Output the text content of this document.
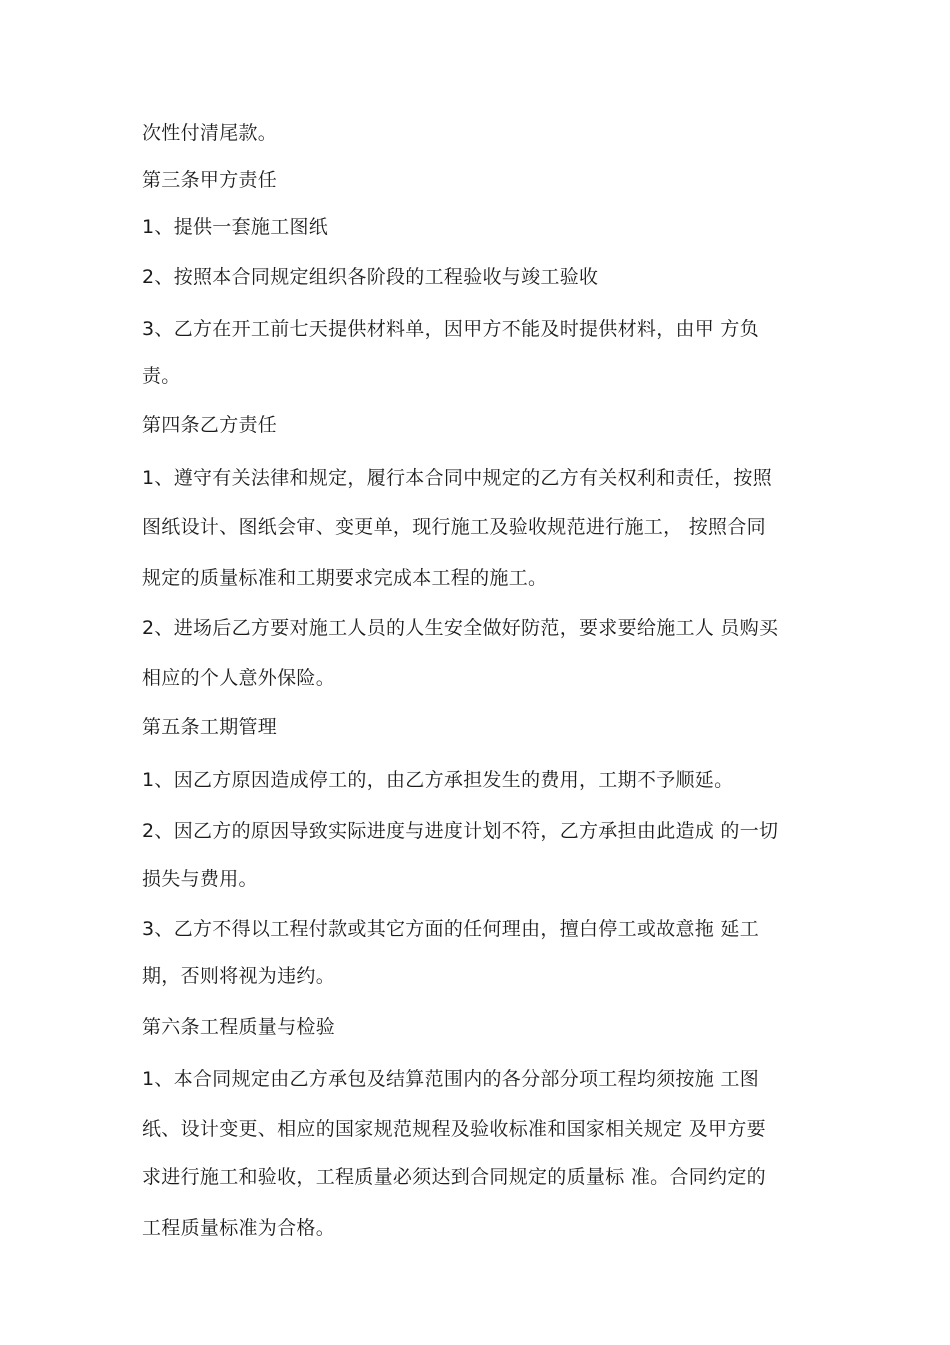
次性付清尾款。
第三条甲方责任
1、提供一套施工图纸
2、按照本合同规定组织各阶段的工程验收与竣工验收
3、乙方在开工前七天提供材料单，因甲方不能及时提供材料，由甲 方负
责。
第四条乙方责任
1、遵守有关法律和规定，履行本合同中规定的乙方有关权利和责任，按照
图纸设计、图纸会审、变更单，现行施工及验收规范进行施工， 按照合同
规定的质量标准和工期要求完成本工程的施工。
2、进场后乙方要对施工人员的人生安全做好防范，要求要给施工人 员购买
相应的个人意外保险。
第五条工期管理
1、因乙方原因造成停工的，由乙方承担发生的费用，工期不予顺延。
2、因乙方的原因导致实际进度与进度计划不符，乙方承担由此造成 的一切
损失与费用。
3、乙方不得以工程付款或其它方面的任何理由，擅白停工或故意拖 延工
期，否则将视为违约。
第六条工程质量与检验
1、本合同规定由乙方承包及结算范围内的各分部分项工程均须按施 工图
纸、设计变更、相应的国家规范规程及验收标准和国家相关规定 及甲方要
求进行施工和验收，工程质量必须达到合同规定的质量标 准。合同约定的
工程质量标准为合格。
